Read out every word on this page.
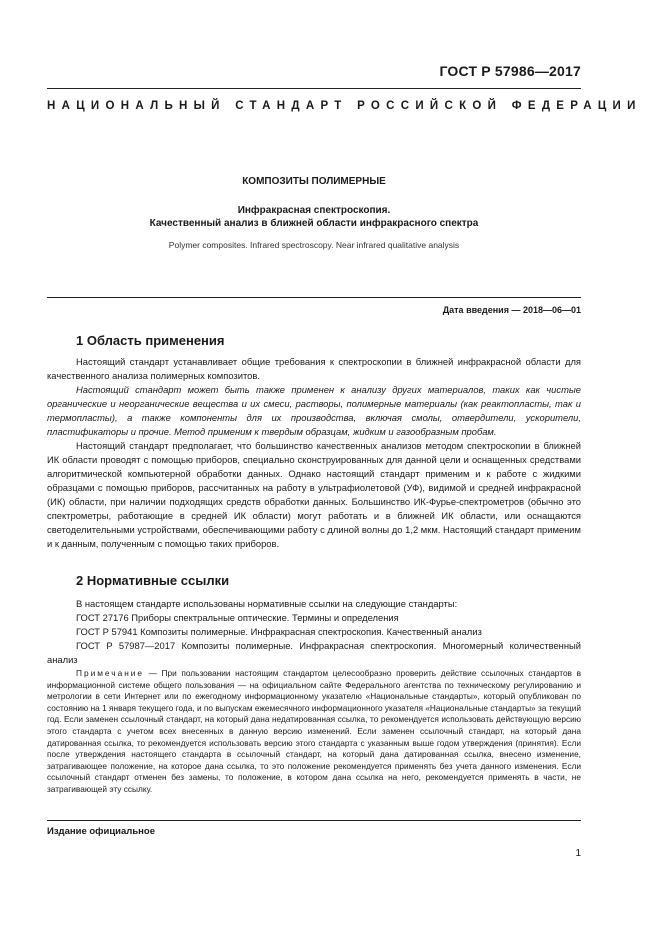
ГОСТ Р 57986—2017
НАЦИОНАЛЬНЫЙ СТАНДАРТ РОССИЙСКОЙ ФЕДЕРАЦИИ
КОМПОЗИТЫ ПОЛИМЕРНЫЕ
Инфракрасная спектроскопия.
Качественный анализ в ближней области инфракрасного спектра
Polymer composites. Infrared spectroscopy. Near infrared qualitative analysis
Дата введения — 2018—06—01
1 Область применения

Настоящий стандарт устанавливает общие требования к спектроскопии в ближней инфракрасной области для качественного анализа полимерных композитов.

Настоящий стандарт может быть также применен к анализу других материалов, таких как чистые органические и неорганические вещества и их смеси, растворы, полимерные материалы (как реактопласты, так и термопласты), а также компоненты для их производства, включая смолы, отвердители, ускорители, пластификаторы и прочие. Метод применим к твердым образцам, жидким и газообразным пробам.

Настоящий стандарт предполагает, что большинство качественных анализов методом спектроскопии в ближней ИК области проводят с помощью приборов, специально сконструированных для данной цели и оснащенных средствами алгоритмической компьютерной обработки данных. Однако настоящий стандарт применим и к работе с жидкими образцами с помощью приборов, рассчитанных на работу в ультрафиолетовой (УФ), видимой и средней инфракрасной (ИК) области, при наличии подходящих средств обработки данных. Большинство ИК-Фурье-спектрометров (обычно это спектрометры, работающие в средней ИК области) могут работать и в ближней ИК области, или оснащаются светоделительными устройствами, обеспечивающими работу с длиной волны до 1,2 мкм. Настоящий стандарт применим и к данным, полученным с помощью таких приборов.

2 Нормативные ссылки

В настоящем стандарте использованы нормативные ссылки на следующие стандарты:

ГОСТ 27176 Приборы спектральные оптические. Термины и определения

ГОСТ Р 57941 Композиты полимерные. Инфракрасная спектроскопия. Качественный анализ

ГОСТ Р 57987—2017 Композиты полимерные. Инфракрасная спектроскопия. Многомерный количественный анализ

Примечание — При пользовании настоящим стандартом целесообразно проверить действие ссылочных стандартов в информационной системе общего пользования — на официальном сайте Федерального агентства по техническому регулированию и метрологии в сети Интернет или по ежегодному информационному указателю «Национальные стандарты», который опубликован по состоянию на 1 января текущего года, и по выпускам ежемесячного информационного указателя «Национальные стандарты» за текущий год. Если заменен ссылочный стандарт, на который дана недатированная ссылка, то рекомендуется использовать действующую версию этого стандарта с учетом всех внесенных в данную версию изменений. Если заменен ссылочный стандарт, на который дана датированная ссылка, то рекомендуется использовать версию этого стандарта с указанным выше годом утверждения (принятия). Если после утверждения настоящего стандарта в ссылочный стандарт, на который дана датированная ссылка, внесено изменение, затрагивающее положение, на которое дана ссылка, то это положение рекомендуется применять без учета данного изменения. Если ссылочный стандарт отменен без замены, то положение, в котором дана ссылка на него, рекомендуется применять в части, не затрагивающей эту ссылку.
Издание официальное
1
